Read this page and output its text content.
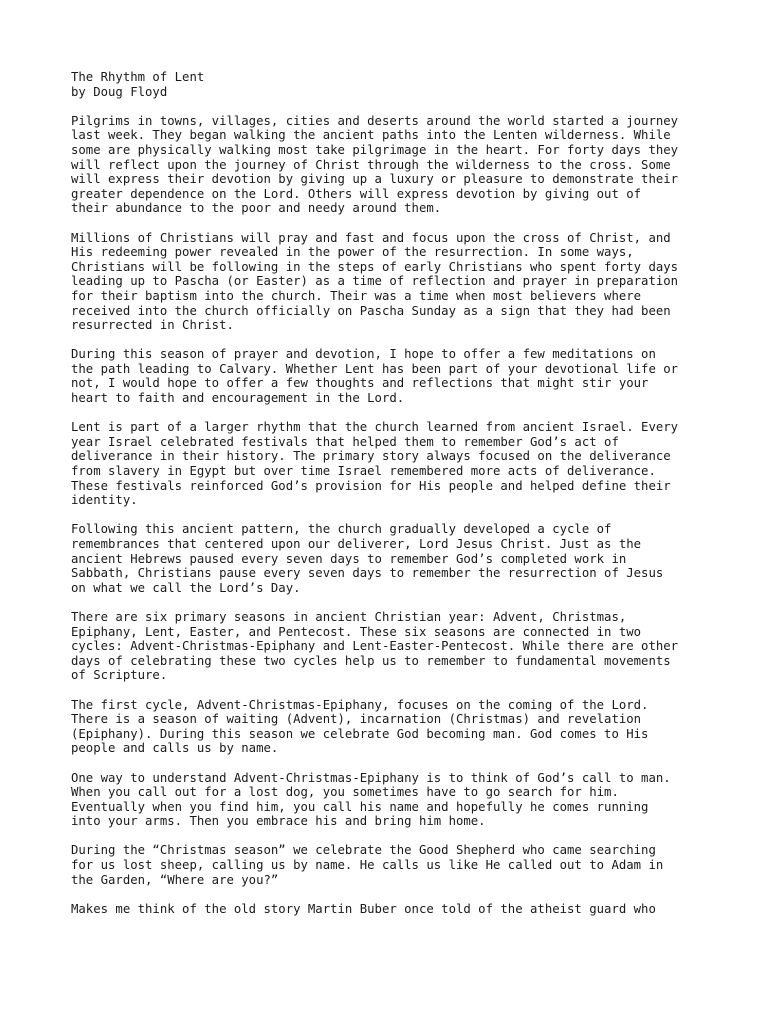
The Rhythm of Lent
by Doug Floyd
Pilgrims in towns, villages, cities and deserts around the world started a journey
last week. They began walking the ancient paths into the Lenten wilderness. While
some are physically walking most take pilgrimage in the heart. For forty days they
will reflect upon the journey of Christ through the wilderness to the cross. Some
will express their devotion by giving up a luxury or pleasure to demonstrate their
greater dependence on the Lord. Others will express devotion by giving out of
their abundance to the poor and needy around them.
Millions of Christians will pray and fast and focus upon the cross of Christ, and
His redeeming power revealed in the power of the resurrection. In some ways,
Christians will be following in the steps of early Christians who spent forty days
leading up to Pascha (or Easter) as a time of reflection and prayer in preparation
for their baptism into the church. Their was a time when most believers where
received into the church officially on Pascha Sunday as a sign that they had been
resurrected in Christ.
During this season of prayer and devotion, I hope to offer a few meditations on
the path leading to Calvary. Whether Lent has been part of your devotional life or
not, I would hope to offer a few thoughts and reflections that might stir your
heart to faith and encouragement in the Lord.
Lent is part of a larger rhythm that the church learned from ancient Israel. Every
year Israel celebrated festivals that helped them to remember God’s act of
deliverance in their history. The primary story always focused on the deliverance
from slavery in Egypt but over time Israel remembered more acts of deliverance.
These festivals reinforced God’s provision for His people and helped define their
identity.
Following this ancient pattern, the church gradually developed a cycle of
remembrances that centered upon our deliverer, Lord Jesus Christ. Just as the
ancient Hebrews paused every seven days to remember God’s completed work in
Sabbath, Christians pause every seven days to remember the resurrection of Jesus
on what we call the Lord’s Day.
There are six primary seasons in ancient Christian year: Advent, Christmas,
Epiphany, Lent, Easter, and Pentecost. These six seasons are connected in two
cycles: Advent-Christmas-Epiphany and Lent-Easter-Pentecost. While there are other
days of celebrating these two cycles help us to remember to fundamental movements
of Scripture.
The first cycle, Advent-Christmas-Epiphany, focuses on the coming of the Lord.
There is a season of waiting (Advent), incarnation (Christmas) and revelation
(Epiphany). During this season we celebrate God becoming man. God comes to His
people and calls us by name.
One way to understand Advent-Christmas-Epiphany is to think of God’s call to man.
When you call out for a lost dog, you sometimes have to go search for him.
Eventually when you find him, you call his name and hopefully he comes running
into your arms. Then you embrace his and bring him home.
During the “Christmas season” we celebrate the Good Shepherd who came searching
for us lost sheep, calling us by name. He calls us like He called out to Adam in
the Garden, “Where are you?”
Makes me think of the old story Martin Buber once told of the atheist guard who
